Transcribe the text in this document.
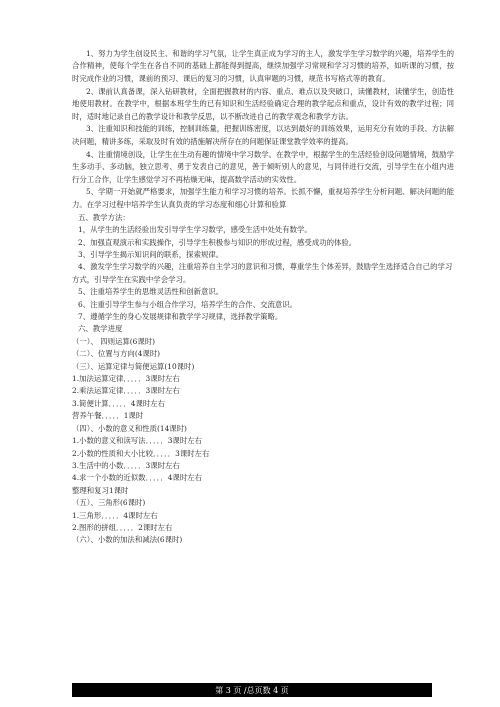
1、努力为学生创设民主、和谐的学习气氛，让学生真正成为学习的主人，激发学生学习数学的兴趣，培养学生的合作精神，使每个学生在各自不同的基础上都能得到提高，继续加强学习常规和学习习惯的培养，如听课的习惯，按时完成作业的习惯，课前的预习、课后的复习的习惯，认真审题的习惯，规范书写格式等的教育。

2、课前认真备课，深入钻研教材，全面把握教材的内容、重点、难点以及突破口，读懂教材，读懂学生，创造性地使用教材。在教学中，根据本班学生的已有知识和生活经验确定合理的教学起点和重点，设计有效的教学过程；同时，适时地记录自己的教学设计和教学反思，以不断改进自己的教学观念和教学方法。

3、注重知识和技能的训练，控制训练量，把握训练密度，以达到最好的训练效果，运用充分有效的手段、方法解决问题，精讲多练，采取及时有效的措施解决所存在的问题保证课堂教学效率的提高。

4、注重情境创设，让学生在生动有趣的情境中学习数学。在教学中，根据学生的生活经验创设问题情境，鼓励学生多动手、多动脑，独立思考、勇于发表自己的意见，善于倾听别人的意见，与同伴进行交流，引导学生在小组内进行分工合作，让学生感觉学习不再枯燥无味，提高数学活动的实效性。

5、学期一开始就严格要求，加强学生能力和学习习惯的培养。长抓不懈，重视培养学生分析问题、解决问题的能力。在学习过程中培养学生认真负责的学习态度和细心计算和验算

五、教学方法：

1，从学生的生活经验出发引导学生学习数学，感受生活中处处有数学。

2、加强直观演示和实践操作，引导学生积极参与知识的形成过程，感受成功的体验。

3、引导学生揭示知识间的联系，探索规律。

4、激发学生学习数学的兴趣，注重培养自主学习的意识和习惯，尊重学生个体差异，鼓励学生选择适合自己的学习方式，引导学生在实践中学会学习。

5、注重培养学生的思维灵活性和创新意识。

6、注重引导学生参与小组合作学习，培养学生的合作、交流意识。

7、遵循学生的身心发展规律和教学学习规律，选择教学策略。

六、教学进度

（一）、 四则运算(6课时)

（二）、位置与方向(4课时)

（三）、运算定律与简便运算(10课时)

1.加法运算定律．．．．．3课时左右

2.乘法运算定律．．．．．3课时左右

3.简便计算．．．．．4课时左右

营养午餐．．．．．1课时

（四）、小数的意义和性质(14课时)

1.小数的意义和读写法．．．．．3课时左右

2.小数的性质和大小比较．．．．．3课时左右

3.生活中的小数．．．．．3课时左右

4.求一个小数的近似数．．．．．4课时左右

整理和复习1课时

（五）、三角形(6课时)

1.三角形．．．．．4课时左右

2.图形的拼组．．．．．2课时左右

（六）、小数的加法和减法(6课时)

第 3 页 /总页数 4 页
